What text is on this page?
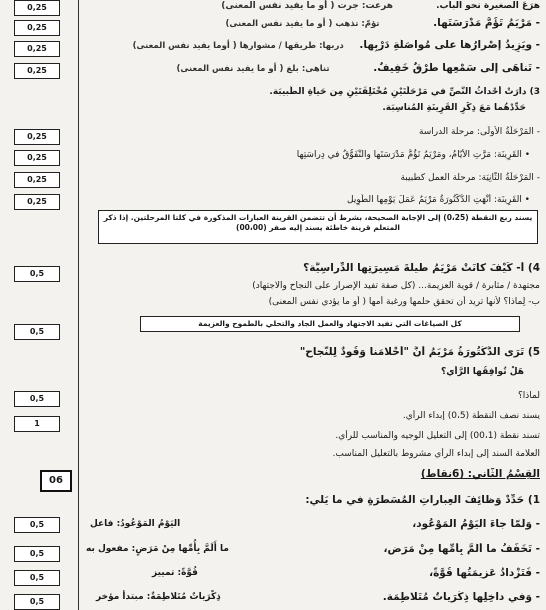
0,25
0,25
0,25
0,25
0,25
0,25
0,25
0,25
0,5
0,5
0,5
1
06
0,5
0,5
0,5
0,5
هرَعَ الصغيرة نحو الباب. هرعت: جرت ( أو ما يفيد نفس المعنى)
- مَرْيَمُ تَؤُمُّ مَدْرَسَتَها. تؤمّ: تذهب ( أو ما يفيد نفس المعنى)
- ويَزِيدُ إصْرارُها على مُواصَلَةِ دَرْبِها. دربها: طريقها / مشوارها ( أوما يفيد نفس المعنى)
- تَناهَى إلى سَمْعِها طَرْقٌ خَفِيفٌ. تناهى: بلغ ( أو ما يفيد نفس المعنى)
3) دارَتْ أحْداثُ النَّصِّ في مَرْحَلَتَيْنِ مُخْتَلِفَتَيْنِ مِن حَياةِ الطَّبيبَة.
حَدِّدْهُما مَعَ ذِكْرِ القَرِينَةِ المُناسِبَة.
- المَرْحَلَةُ الأُولَى: مرحلة الدراسة
• القَرِينَة: مَرَّتِ الأيّامُ، ومَرْيَمُ تَؤُمُّ مَدْرَسَتَها والتَّفَوُّقُ في دِراسَتِها
- المَرْحَلَةُ الثّانِيَة: مرحلة العمل كطبيبة
• القَرِينَة: أَنْهَتِ الدُّكْتُورَةُ مَرْيَمُ عَمَلَ يَوْمِها الطَّوِيل
يسند ربع النقطة (0،25) إلى الإجابة الصحيحة، بشرط أن تتضمن القرينة العبارات المذكورة في كلتا المرحلتين. إذا ذكر المتعلم قرينة خاطئة يسند إليه صفر (00،00)
4) أ- كَيْفَ كانَتْ مَرْيَمُ طيلَةَ مَسِيرَتِها الدِّراسِيَّة؟
مجتهدة / مثابرة / قوية العزيمة... (كل صفة تفيد الإصرار على النجاح والاجتهاد)
ب- لِماذا؟ لأنها تريد أن تحقق حلمها ورغبة أمها ( أو ما يؤدي نفس المعنى)
كل الصياغات التي تفيد الاجتهاد والعمل الجاد والتحلي بالطموح والعزيمة
5) تَرَى الدُّكْتُورَةُ مَرْيَمُ أنَّ "أحْلامَنا وَقُودٌ لِلنَّجاح"
هَلْ تُوافِقُها الرَّأْي؟
لماذا؟
يسند نصف النقطة (0،5) إبداء الرأي.
تسند نقطة (00،1) إلى التعليل الوجيه والمناسب للرأي.
العلامة السند إلى إبداء الرأي مشروط بالتعليل المناسب.
القِسْمُ الثّاني: (6نقاط)
1) حَدِّدْ وَظائِفَ العِباراتِ المُسَطَّرَةِ في ما يَلي:
- وَلَمّا جاءَ اليَوْمُ المَوْعُود،
اليَوْمُ المَوْعُودُ: فاعل
- تَخَفِّفُ ما أَلَمَّ بِأُمِّها مِنْ مَرَضٍ،
ما أَلَمَّ بِأُمِّها مِنْ مَرَضٍ: مفعول به
- فَتَزْدادُ عَزِيمَتُها قُوَّةً،
قُوَّةً: تمييز
- وَفي داخِلِها ذِكْرَياتٌ مُتَلاطِمَة.
ذِكْرَياتٌ مُتَلاطِمَةٌ: مبتدأ مؤخر
